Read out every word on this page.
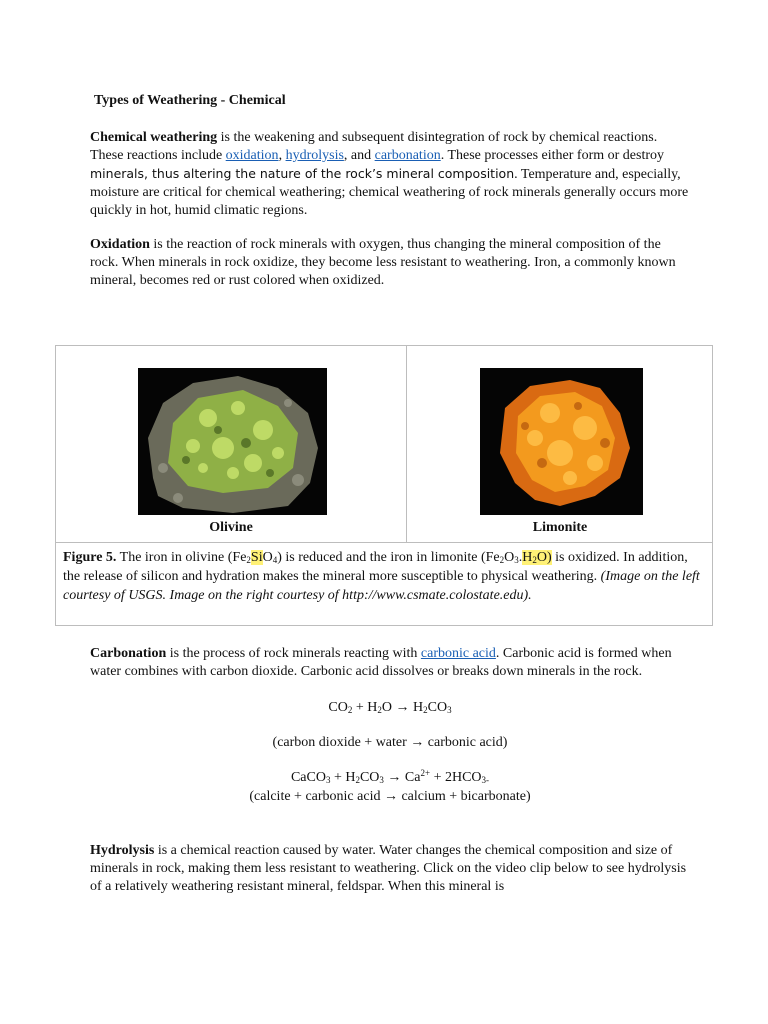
Types of Weathering - Chemical
Chemical weathering is the weakening and subsequent disintegration of rock by chemical reactions. These reactions include oxidation, hydrolysis, and carbonation. These processes either form or destroy minerals, thus altering the nature of the rock’s mineral composition. Temperature and, especially, moisture are critical for chemical weathering; chemical weathering of rock minerals generally occurs more quickly in hot, humid climatic regions.
Oxidation is the reaction of rock minerals with oxygen, thus changing the mineral composition of the rock. When minerals in rock oxidize, they become less resistant to weathering. Iron, a commonly known mineral, becomes red or rust colored when oxidized.
Olivine	Limonite
Figure 5. The iron in olivine $(Fe_2SiO_4)$ is reduced and the iron in limonite $(Fe_2O_3.H_2O)$ is oxidized. In addition, the release of silicon and hydration makes the mineral more susceptible to physical weathering. (Image on the left courtesy of USGS. Image on the right courtesy of http://www.csmate.colostate.edu).
Carbonation is the process of rock minerals reacting with carbonic acid. Carbonic acid is formed when water combines with carbon dioxide. Carbonic acid dissolves or breaks down minerals in the rock.
$CO_2 + H_2O \to H_2CO_3$
(carbon dioxide + water → carbonic acid)
CaCO$_3$ + $H_2CO_3 \to Ca^{2+} + 2HCO_{3-}$
(calcite + carbonic acid → calcium + bicarbonate)
Hydrolysis is a chemical reaction caused by water. Water changes the chemical composition and size of minerals in rock, making them less resistant to weathering. Click on the video clip below to see hydrolysis of a relatively weathering resistant mineral, feldspar. When this mineral is
